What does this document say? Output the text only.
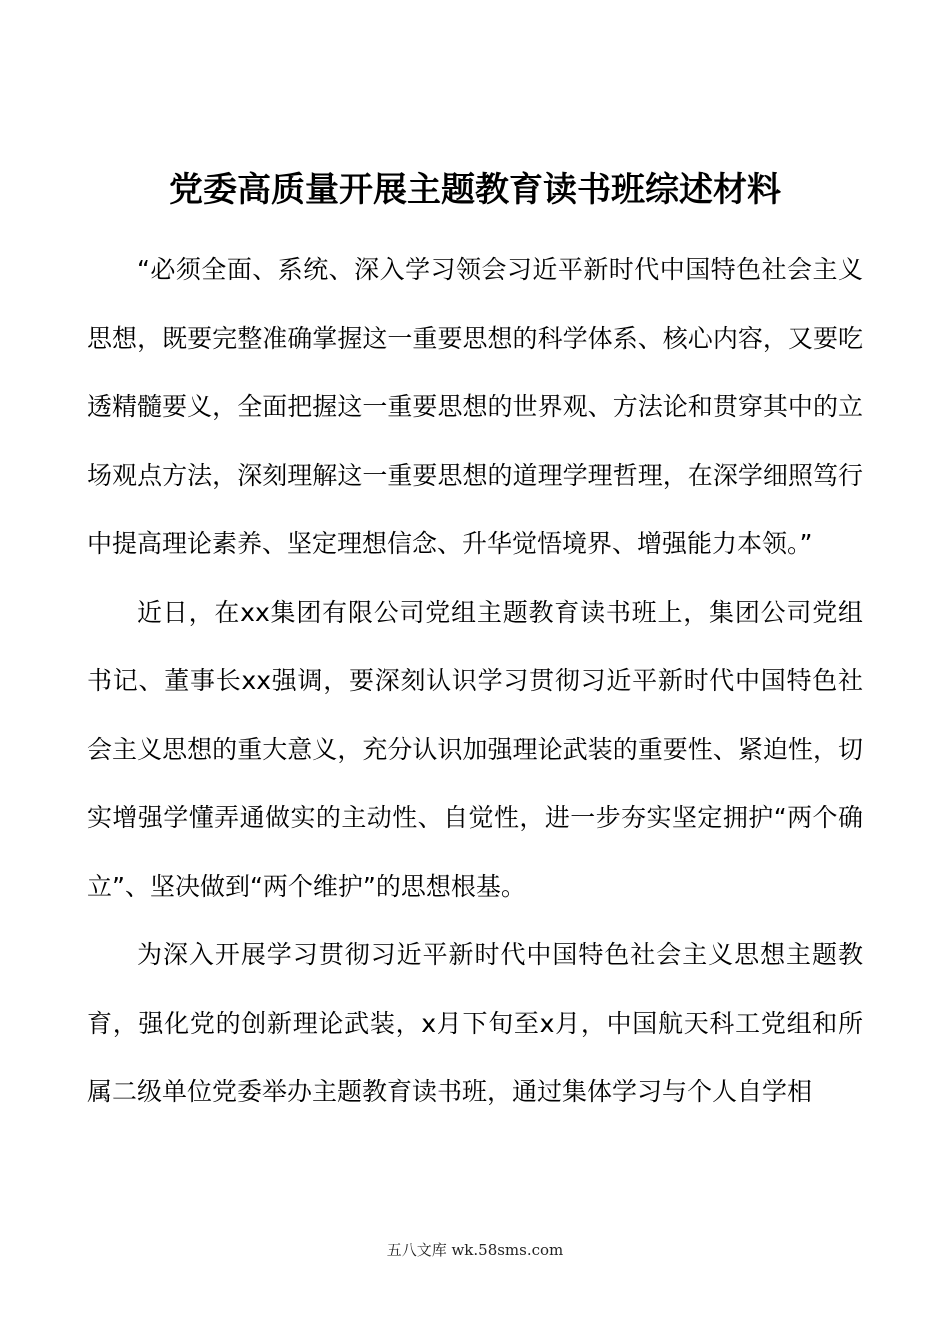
党委高质量开展主题教育读书班综述材料

“必须全面、系统、深入学习领会习近平新时代中国特色社会主义思想，既要完整准确掌握这一重要思想的科学体系、核心内容，又要吃透精髓要义，全面把握这一重要思想的世界观、方法论和贯穿其中的立场观点方法，深刻理解这一重要思想的道理学理哲理，在深学细照笃行中提高理论素养、坚定理想信念、升华觉悟境界、增强能力本领。”

近日，在xx集团有限公司党组主题教育读书班上，集团公司党组书记、董事长xx强调，要深刻认识学习贯彻习近平新时代中国特色社会主义思想的重大意义，充分认识加强理论武装的重要性、紧迫性，切实增强学懂弄通做实的主动性、自觉性，进一步夯实坚定拥护“两个确立”、坚决做到“两个维护”的思想根基。

为深入开展学习贯彻习近平新时代中国特色社会主义思想主题教育，强化党的创新理论武装，x月下旬至x月，中国航天科工党组和所属二级单位党委举办主题教育读书班，通过集体学习与个人自学相

五八文库 wk.58sms.com
